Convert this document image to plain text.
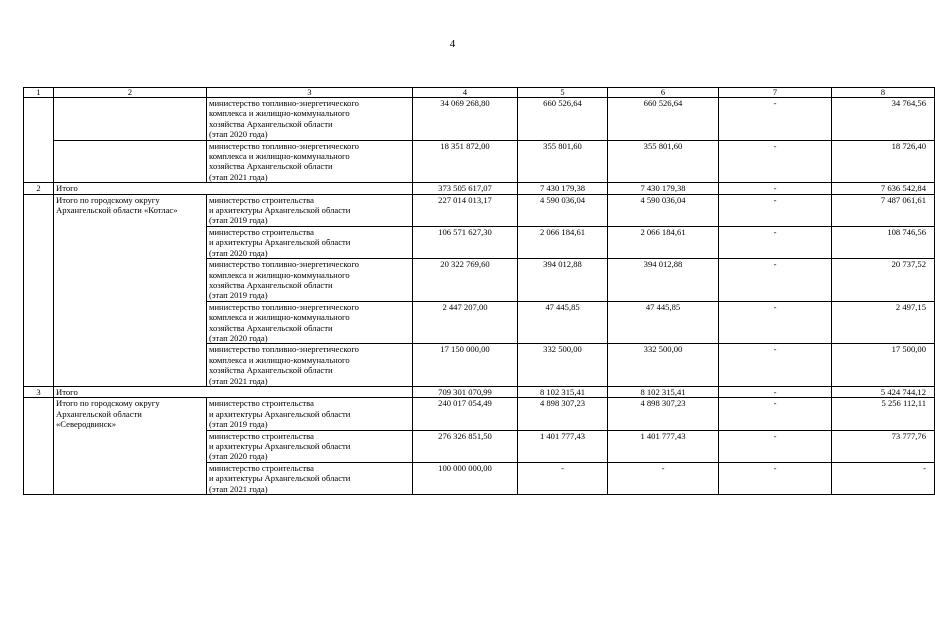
4
1	2	3	4	5	6	7	8

		министерство топливно-энергетического
комплекса и жилищно-коммунального
хозяйства Архангельской области
(этап 2020 года)	34 069 268,80	660 526,64	660 526,64	-	34 764,56

		министерство топливно-энергетического
комплекса и жилищно-коммунального
хозяйства Архангельской области
(этап 2021 года)	18 351 872,00	355 801,60	355 801,60	-	18 726,40
2	Итого		373 505 617,07	7 430 179,38	7 430 179,38	-	7 636 542,84
	Итого по городскому округу Архангельской области «Котлас»	министерство строительства
и архитектуры Архангельской области
(этап 2019 года)	227 014 013,17	4 590 036,04	4 590 036,04	-	7 487 061,61

		министерство строительства
и архитектуры Архангельской области
(этап 2020 года)	106 571 627,30	2 066 184,61	2 066 184,61	-	108 746,56

		министерство топливно-энергетического
комплекса и жилищно-коммунального
хозяйства Архангельской области
(этап 2019 года)	20 322 769,60	394 012,88	394 012,88	-	20 737,52

		министерство топливно-энергетического
комплекса и жилищно-коммунального
хозяйства Архангельской области
(этап 2020 года)	2 447 207,00	47 445,85	47 445,85	-	2 497,15

		министерство топливно-энергетического
комплекса и жилищно-коммунального
хозяйства Архангельской области
(этап 2021 года)	17 150 000,00	332 500,00	332 500,00	-	17 500,00
3	Итого		709 301 070,99	8 102 315,41	8 102 315,41	-	5 424 744,12
	Итого по городскому округу Архангельской области «Северодвинск»	министерство строительства
и архитектуры Архангельской области
(этап 2019 года)	240 017 054,49	4 898 307,23	4 898 307,23	-	5 256 112,11

		министерство строительства
и архитектуры Архангельской области
(этап 2020 года)	276 326 851,50	1 401 777,43	1 401 777,43	-	73 777,76

		министерство строительства
и архитектуры Архангельской области
(этап 2021 года)	100 000 000,00	-	-	-	-
